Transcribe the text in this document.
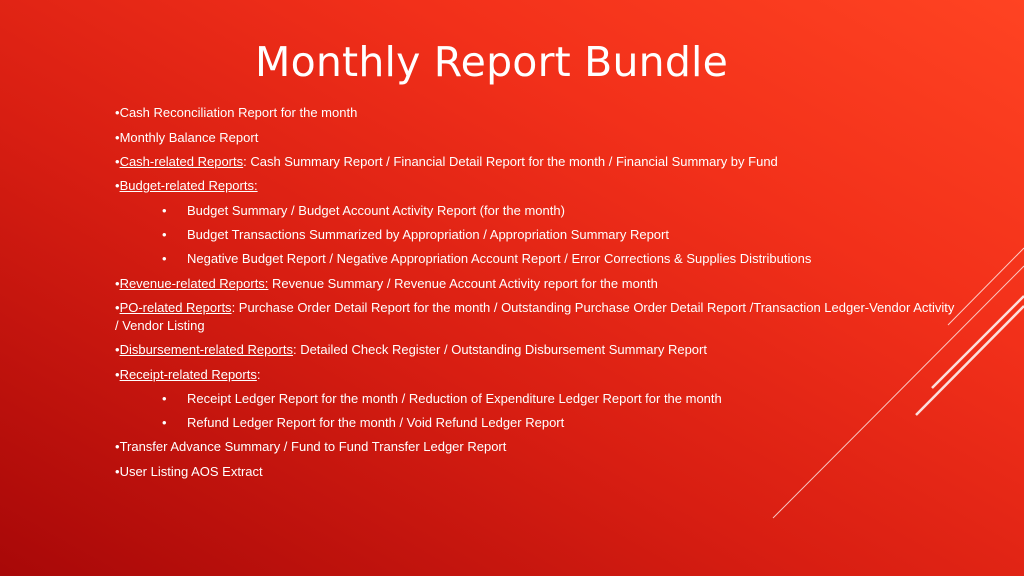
Monthly Report Bundle
•Cash Reconciliation Report for the month
•Monthly Balance Report
•Cash-related Reports: Cash Summary Report / Financial Detail Report for the month / Financial Summary by Fund
•Budget-related Reports:
• Budget Summary / Budget Account Activity Report (for the month)
• Budget Transactions Summarized by Appropriation / Appropriation Summary Report
• Negative Budget Report / Negative Appropriation Account Report / Error Corrections & Supplies Distributions
•Revenue-related Reports: Revenue Summary / Revenue Account Activity report for the month
•PO-related Reports: Purchase Order Detail Report for the month / Outstanding Purchase Order Detail Report /Transaction Ledger-Vendor Activity / Vendor Listing
•Disbursement-related Reports: Detailed Check Register / Outstanding Disbursement Summary Report
•Receipt-related Reports:
• Receipt Ledger Report for the month / Reduction of Expenditure Ledger Report for the month
• Refund Ledger Report for the month / Void Refund Ledger Report
•Transfer Advance Summary / Fund to Fund Transfer Ledger Report
•User Listing AOS Extract
